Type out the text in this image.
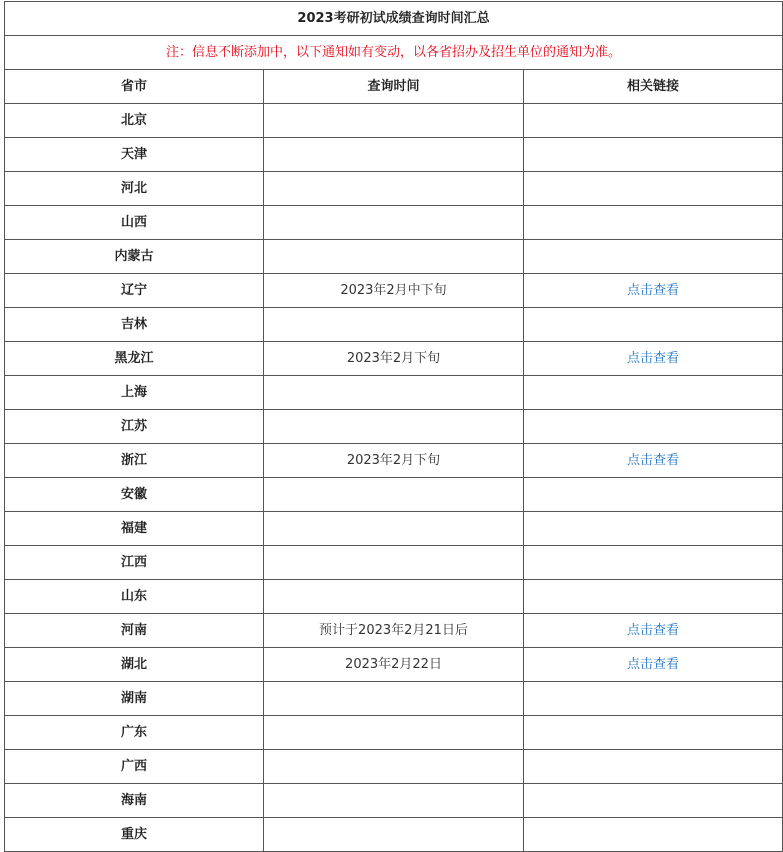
2023考研初试成绩查询时间汇总		
注：信息不断添加中，以下通知如有变动，以各省招办及招生单位的通知为准。		
省市	查询时间	相关链接
北京		
天津		
河北		
山西		
内蒙古		
辽宁	2023年2月中下旬	点击查看
吉林		
黑龙江	2023年2月下旬	点击查看
上海		
江苏		
浙江	2023年2月下旬	点击查看
安徽		
福建		
江西		
山东		
河南	预计于2023年2月21日后	点击查看
湖北	2023年2月22日	点击查看
湖南		
广东		
广西		
海南		
重庆		
